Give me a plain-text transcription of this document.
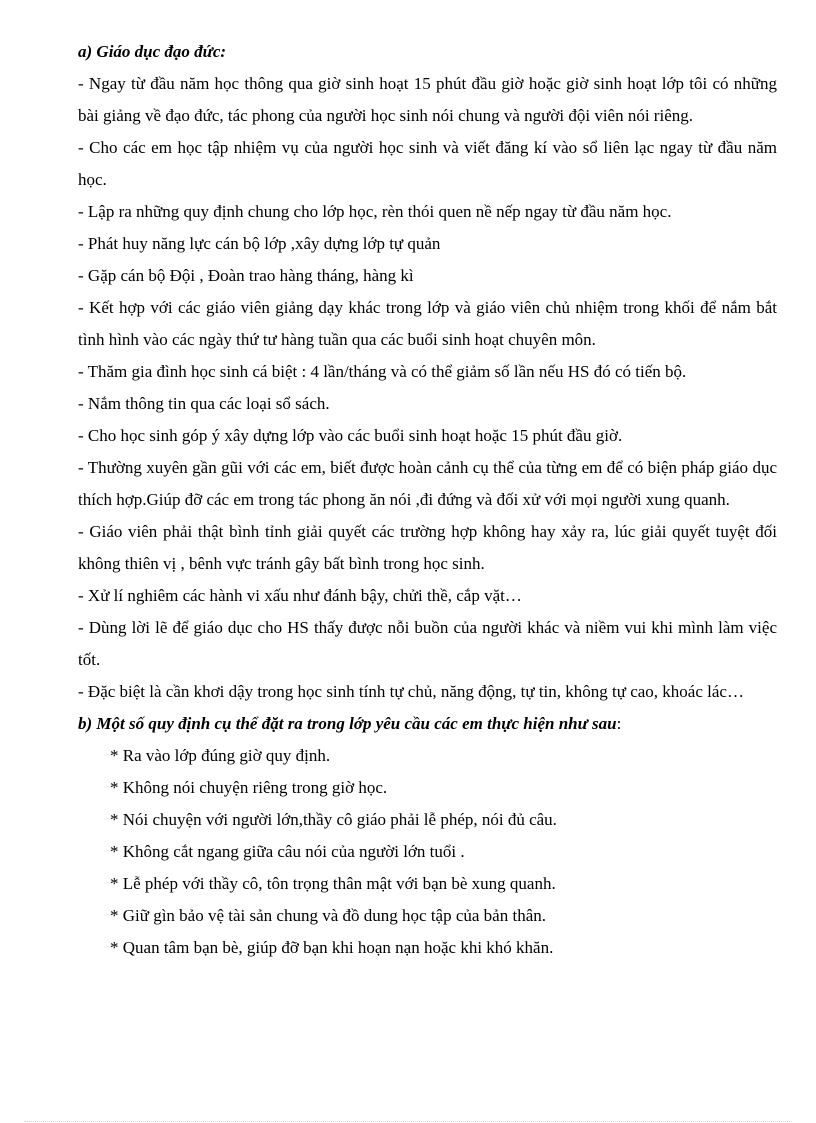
a) Giáo dục đạo đức:

- Ngay từ đầu năm học thông qua giờ sinh hoạt 15 phút đầu giờ hoặc giờ sinh hoạt lớp tôi có những bài giảng về đạo đức, tác phong của người học sinh nói chung và người đội viên nói riêng.

- Cho các em học tập nhiệm vụ của người học sinh và viết đăng kí vào sổ liên lạc ngay từ đầu năm học.

- Lập ra những quy định chung cho lớp học, rèn thói quen nề nếp ngay từ đầu năm học.

- Phát huy năng lực cán bộ lớp ,xây dựng lớp tự quản

- Gặp cán bộ Đội , Đoàn trao hàng tháng, hàng kì

- Kết hợp với các giáo viên giảng dạy khác trong lớp và giáo viên chủ nhiệm trong khối để nắm bắt tình hình vào các ngày thứ tư hàng tuần qua các buổi sinh hoạt chuyên môn.

- Thăm gia đình học sinh cá biệt : 4 lần/tháng và có thể giảm số lần nếu HS đó có tiến bộ.

- Nắm thông tin qua các loại sổ sách.

- Cho học sinh góp ý xây dựng lớp vào các buổi sinh hoạt hoặc 15 phút đầu giờ.

- Thường xuyên gần gũi với các em, biết được hoàn cảnh cụ thể của từng em để có biện pháp giáo dục thích hợp.Giúp đỡ các em trong tác phong ăn nói ,đi đứng và đối xử với mọi người xung quanh.

- Giáo viên phải thật bình tỉnh giải quyết các trường hợp không hay xảy ra, lúc giải quyết tuyệt đối không thiên vị , bênh vực tránh gây bất bình trong học sinh.

- Xử lí nghiêm các hành vi xấu như đánh bậy, chửi thề, cắp vặt…

- Dùng lời lẽ để giáo dục cho HS thấy được nỗi buồn của người khác và niềm vui khi mình làm việc tốt.

- Đặc biệt là cần khơi dậy trong học sinh tính tự chủ, năng động, tự tin, không tự cao, khoác lác…

b) Một số quy định cụ thể đặt ra trong lớp yêu cầu các em thực hiện như sau:

* Ra vào lớp đúng giờ quy định.

* Không nói chuyện riêng trong giờ học.

* Nói chuyện với người lớn,thầy cô giáo phải lễ phép, nói đủ câu.

* Không cắt ngang giữa câu nói của người lớn tuổi .

* Lễ phép với thầy cô, tôn trọng thân mật với bạn bè xung quanh.

* Giữ gìn bảo vệ tài sản chung và đồ dung học tập của bản thân.

* Quan tâm bạn bè, giúp đỡ bạn khi hoạn nạn hoặc khi khó khăn.
